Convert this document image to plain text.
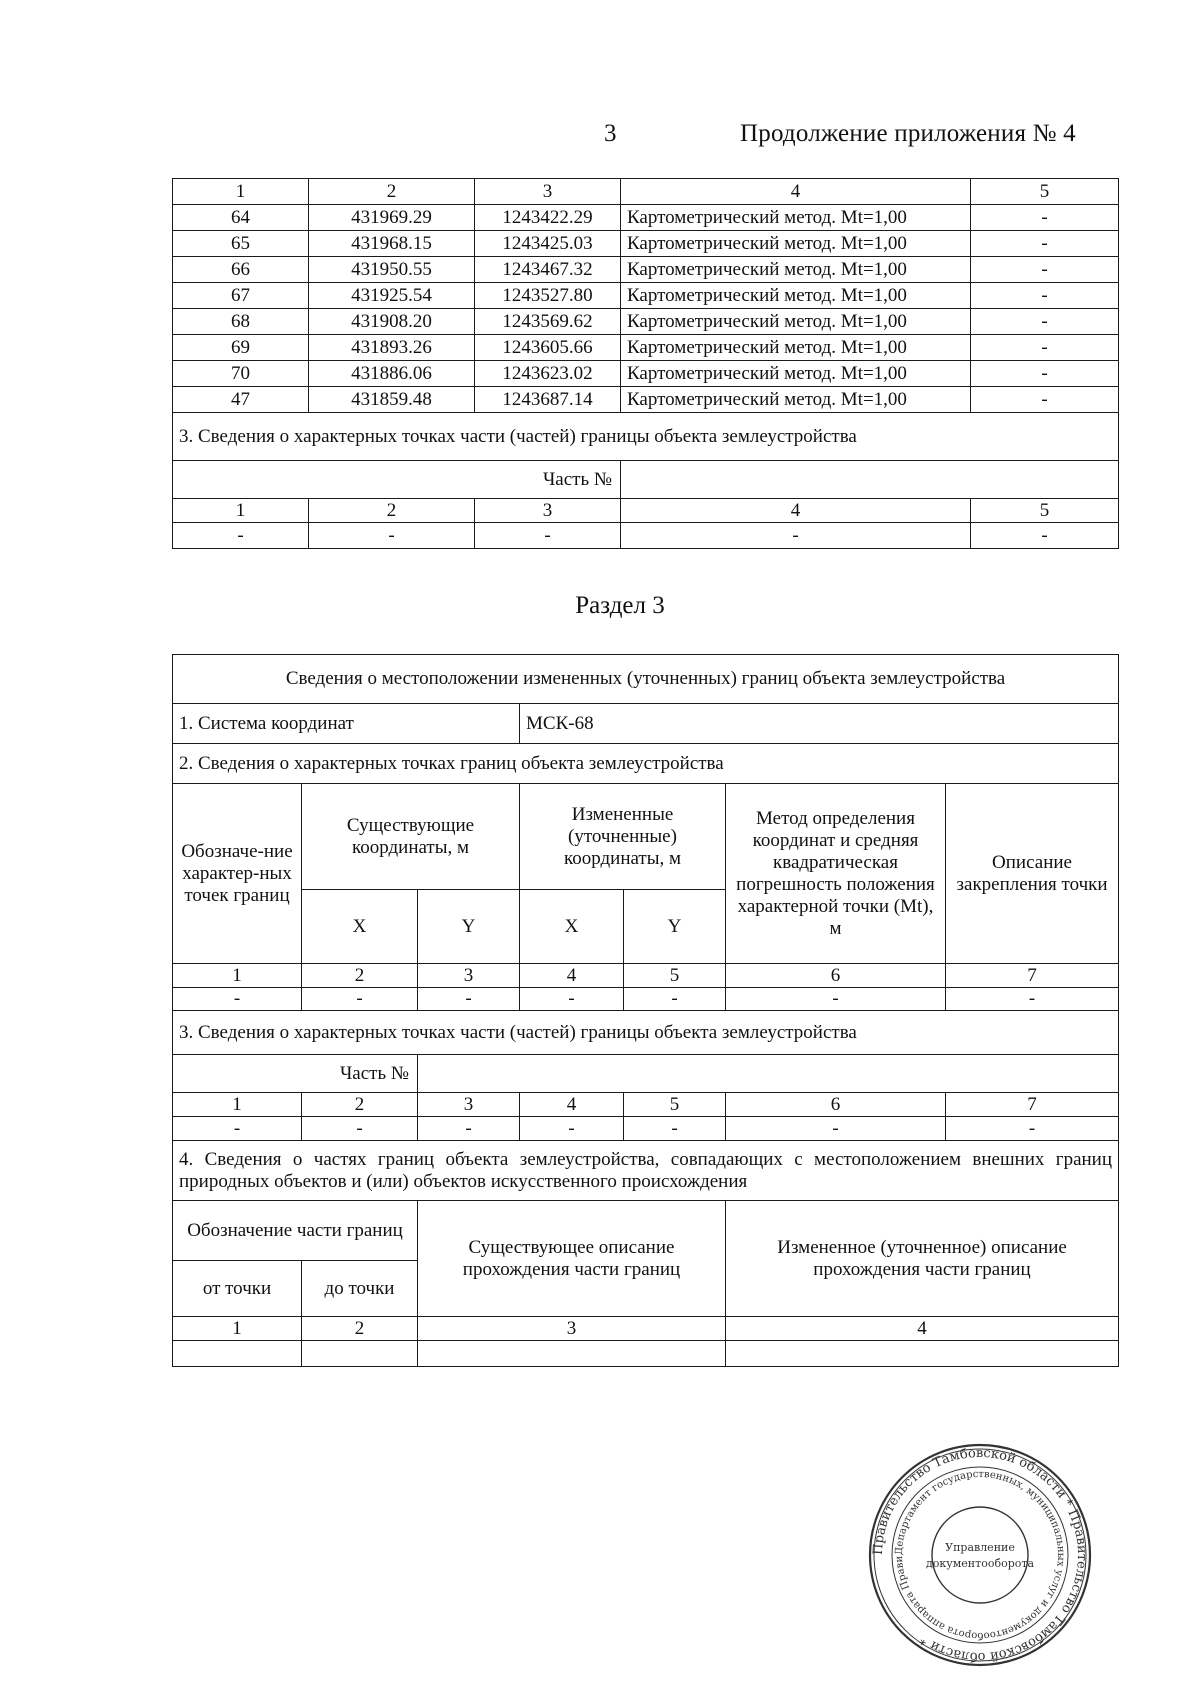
3	Продолжение приложения № 4
1	2	3	4	5
64	431969.29	1243422.29	Картометрический метод. Mt=1,00	-
65	431968.15	1243425.03	Картометрический метод. Mt=1,00	-
66	431950.55	1243467.32	Картометрический метод. Mt=1,00	-
67	431925.54	1243527.80	Картометрический метод. Mt=1,00	-
68	431908.20	1243569.62	Картометрический метод. Mt=1,00	-
69	431893.26	1243605.66	Картометрический метод. Mt=1,00	-
70	431886.06	1243623.02	Картометрический метод. Mt=1,00	-
47	431859.48	1243687.14	Картометрический метод. Mt=1,00	-
3. Сведения о характерных точках части (частей) границы объекта землеустройства				
Часть №				
1	2	3	4	5
-	-	-	-	-
Раздел 3
Сведения о местоположении измененных (уточненных) границ объекта землеустройства						
1. Система координат			МСК-68			
2. Сведения о характерных точках границ объекта землеустройства						
Обозначе-ние характер-ных точек границ	Существующие координаты, м		Измененные (уточненные) координаты, м		Метод определения координат и средняя квадратическая погрешность положения характерной точки (Mt), м	Описание закрепления точки
	X	Y	X	Y		
1	2	3	4	5	6	7
-	-	-	-	-	-	-
3. Сведения о характерных точках части (частей) границы объекта землеустройства						
Часть №						
1	2	3	4	5	6	7
-	-	-	-	-	-	-
4. Сведения о частях границ объекта землеустройства, совпадающих с местоположением внешних границ природных объектов и (или) объектов искусственного происхождения						
Обозначение части границ		Существующее описание прохождения части границ			Измененное (уточненное) описание прохождения части границ	
от точки	до точки					
1	2	3			4	

Правительство Тамбовской области * Правительство Тамбовской области *
Департамент государственных, муниципальных услуг и документооборота аппарата Прави
Управление
документооборота
